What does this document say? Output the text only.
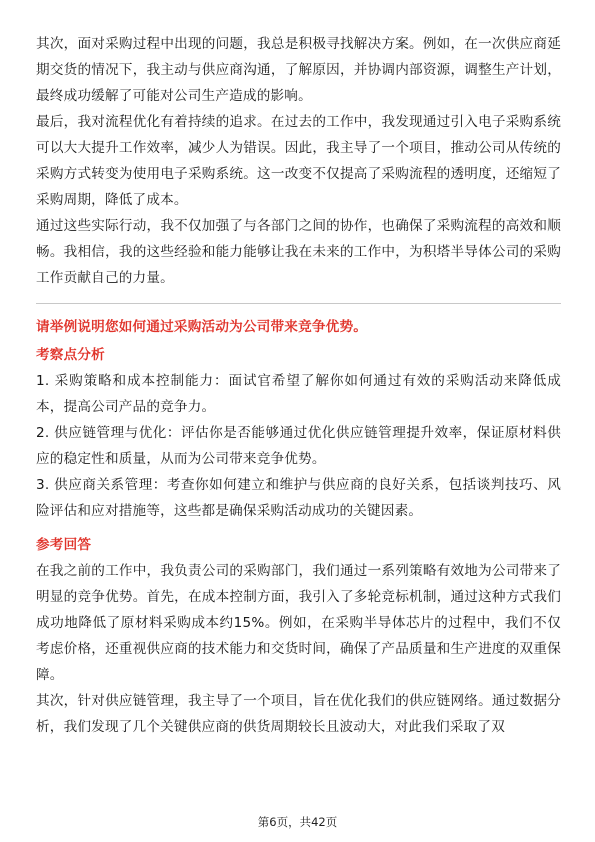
其次，面对采购过程中出现的问题，我总是积极寻找解决方案。例如，在一次供应商延期交货的情况下，我主动与供应商沟通，了解原因，并协调内部资源，调整生产计划，最终成功缓解了可能对公司生产造成的影响。

最后，我对流程优化有着持续的追求。在过去的工作中，我发现通过引入电子采购系统可以大大提升工作效率，减少人为错误。因此，我主导了一个项目，推动公司从传统的采购方式转变为使用电子采购系统。这一改变不仅提高了采购流程的透明度，还缩短了采购周期，降低了成本。

通过这些实际行动，我不仅加强了与各部门之间的协作，也确保了采购流程的高效和顺畅。我相信，我的这些经验和能力能够让我在未来的工作中，为积塔半导体公司的采购工作贡献自己的力量。

请举例说明您如何通过采购活动为公司带来竞争优势。

考察点分析

1. 采购策略和成本控制能力：面试官希望了解你如何通过有效的采购活动来降低成本，提高公司产品的竞争力。

2. 供应链管理与优化：评估你是否能够通过优化供应链管理提升效率，保证原材料供应的稳定性和质量，从而为公司带来竞争优势。

3. 供应商关系管理：考查你如何建立和维护与供应商的良好关系，包括谈判技巧、风险评估和应对措施等，这些都是确保采购活动成功的关键因素。

参考回答

在我之前的工作中，我负责公司的采购部门，我们通过一系列策略有效地为公司带来了明显的竞争优势。首先，在成本控制方面，我引入了多轮竞标机制，通过这种方式我们成功地降低了原材料采购成本约15%。例如，在采购半导体芯片的过程中，我们不仅考虑价格，还重视供应商的技术能力和交货时间，确保了产品质量和生产进度的双重保障。

其次，针对供应链管理，我主导了一个项目，旨在优化我们的供应链网络。通过数据分析，我们发现了几个关键供应商的供货周期较长且波动大，对此我们采取了双

第6页，共42页
